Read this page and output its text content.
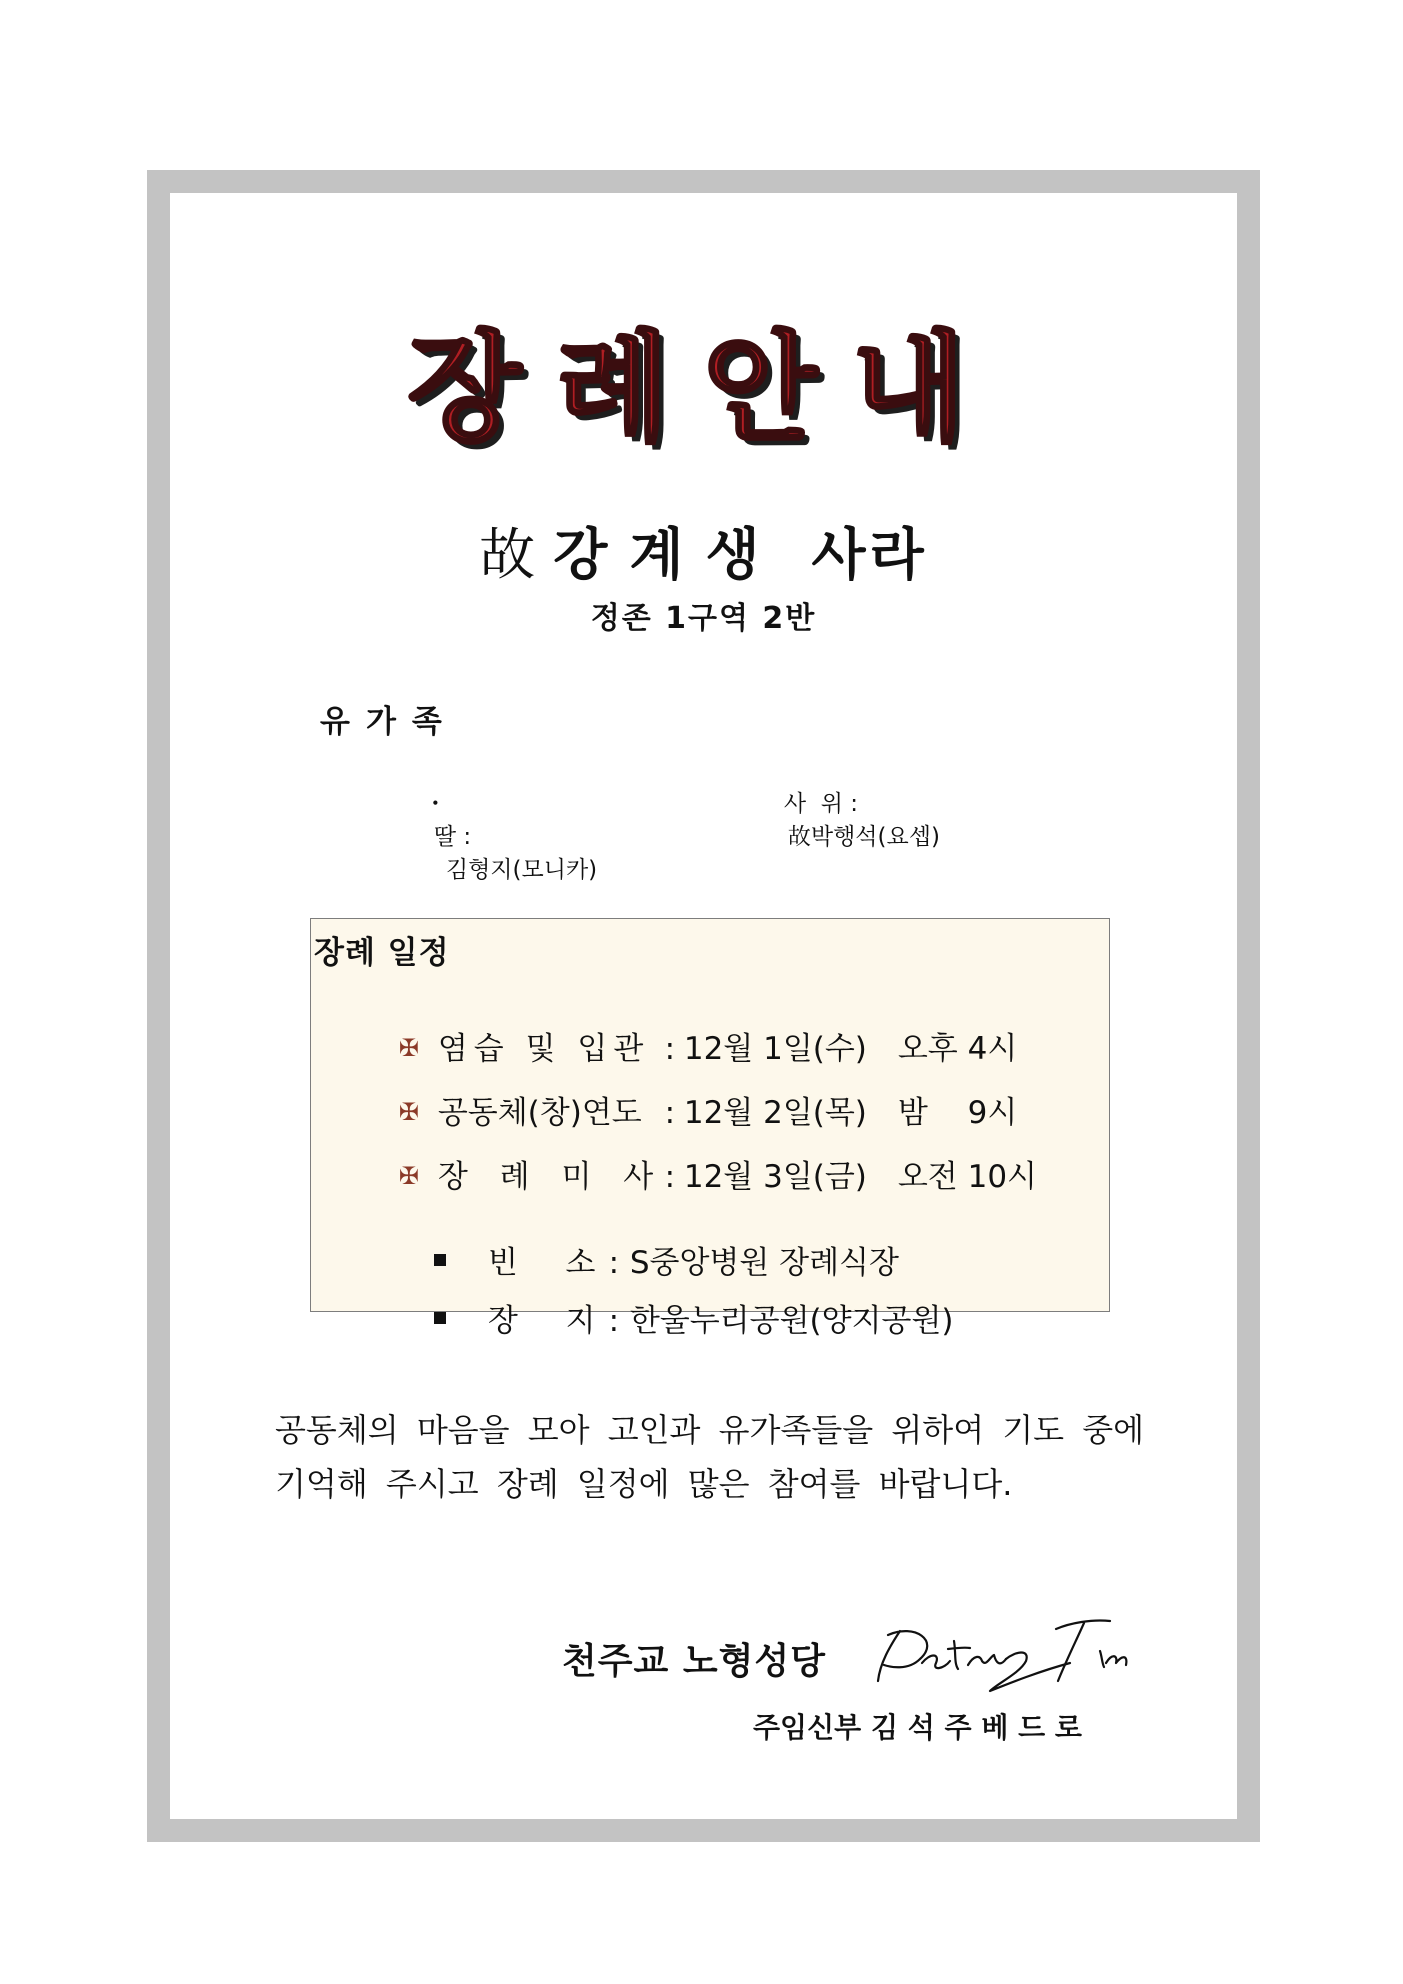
장례안내
故 강계생 사라
정존 1구역 2반
유가족

・
딸 :
김형지(모니카)

사  위 :
故박행석(요셉)

장례 일정

✠ 염습 및 입관 : 12월 1일(수) 오후 4시

✠ 공동체(창)연도 : 12월 2일(목) 밤 9시

✠ 장 례 미 사 : 12월 3일(금) 오전 10시

빈  소 : S중앙병원 장례식장

장  지 : 한울누리공원(양지공원)

공동체의 마음을 모아 고인과 유가족들을 위하여 기도 중에
기억해 주시고 장례 일정에 많은 참여를 바랍니다.
천주교 노형성당
주임신부 김 석 주 베 드 로
